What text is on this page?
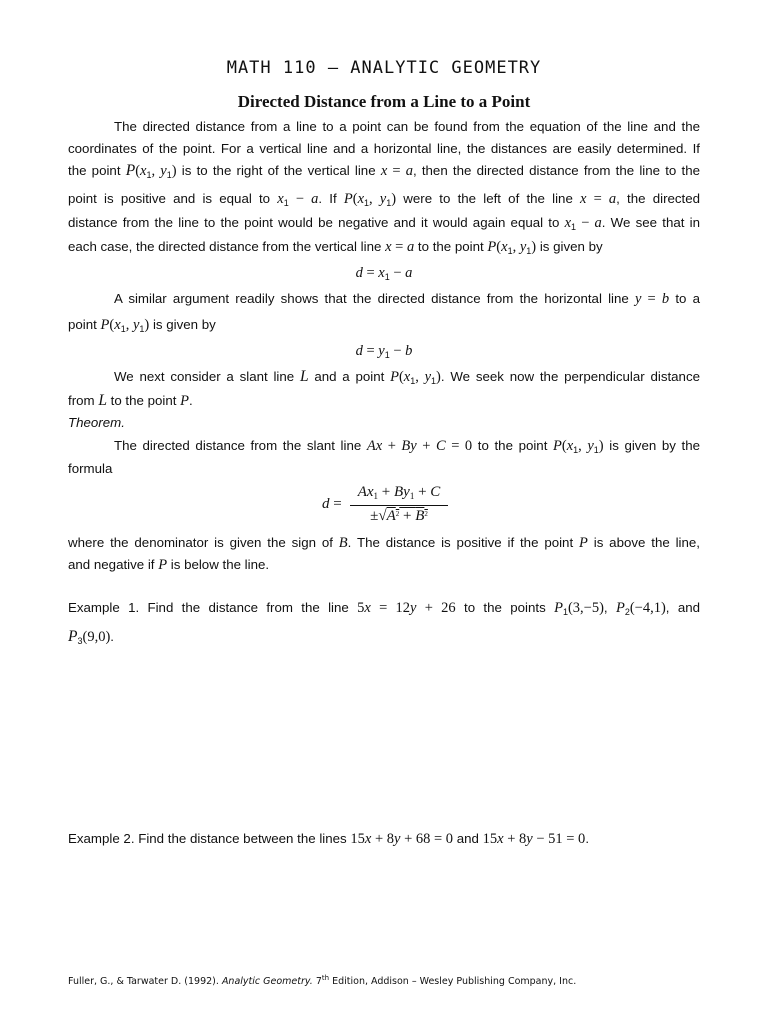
MATH 110 – ANALYTIC GEOMETRY
Directed Distance from a Line to a Point
The directed distance from a line to a point can be found from the equation of the line and the
coordinates of the point. For a vertical line and a horizontal line, the distances are easily determined. If
the point $P(x_1$, $y_1$) is to the right of the vertical line x = a, then the directed distance from the line to the
point is positive and is equal to $x_1 - a$. If $P(x_1$, $y_1$) were to the left of the line x = a, the directed
distance from the line to the point would be negative and it would again equal to $x_1 - a$. We see that in
each case, the directed distance from the vertical line x = a to the point $P(x_1$, $y_1$) is given by
$d = x_1 - a$
A similar argument readily shows that the directed distance from the horizontal line y = b to a
point $P(x_1$, $y_1$) is given by
$d = y_1 - b$
We next consider a slant line L and a point $P(x_1$, $y_1$). We seek now the perpendicular distance
from L to the point P.
Theorem.
The directed distance from the slant line Ax + By + C = 0 to the point $P(x_1$, $y_1$) is given by the
formula
d =
$Ax_1 + By_1 + C$
$\pm√A^2 + B^2$
where the denominator is given the sign of B. The distance is positive if the point P is above the line,
and negative if P is below the line.
Example 1. Find the distance from the line 5x = 12y + 26 to the points $P_1(3,-5)$, $P_2(-4,1)$, and
$P_3(9,0)$.
Example 2. Find the distance between the lines 15x + 8y + 68 = 0 and 15x + 8y − 51 = 0.
Fuller, G., & Tarwater D. (1992). Analytic Geometry. 7th Edition, Addison – Wesley Publishing Company, Inc.
